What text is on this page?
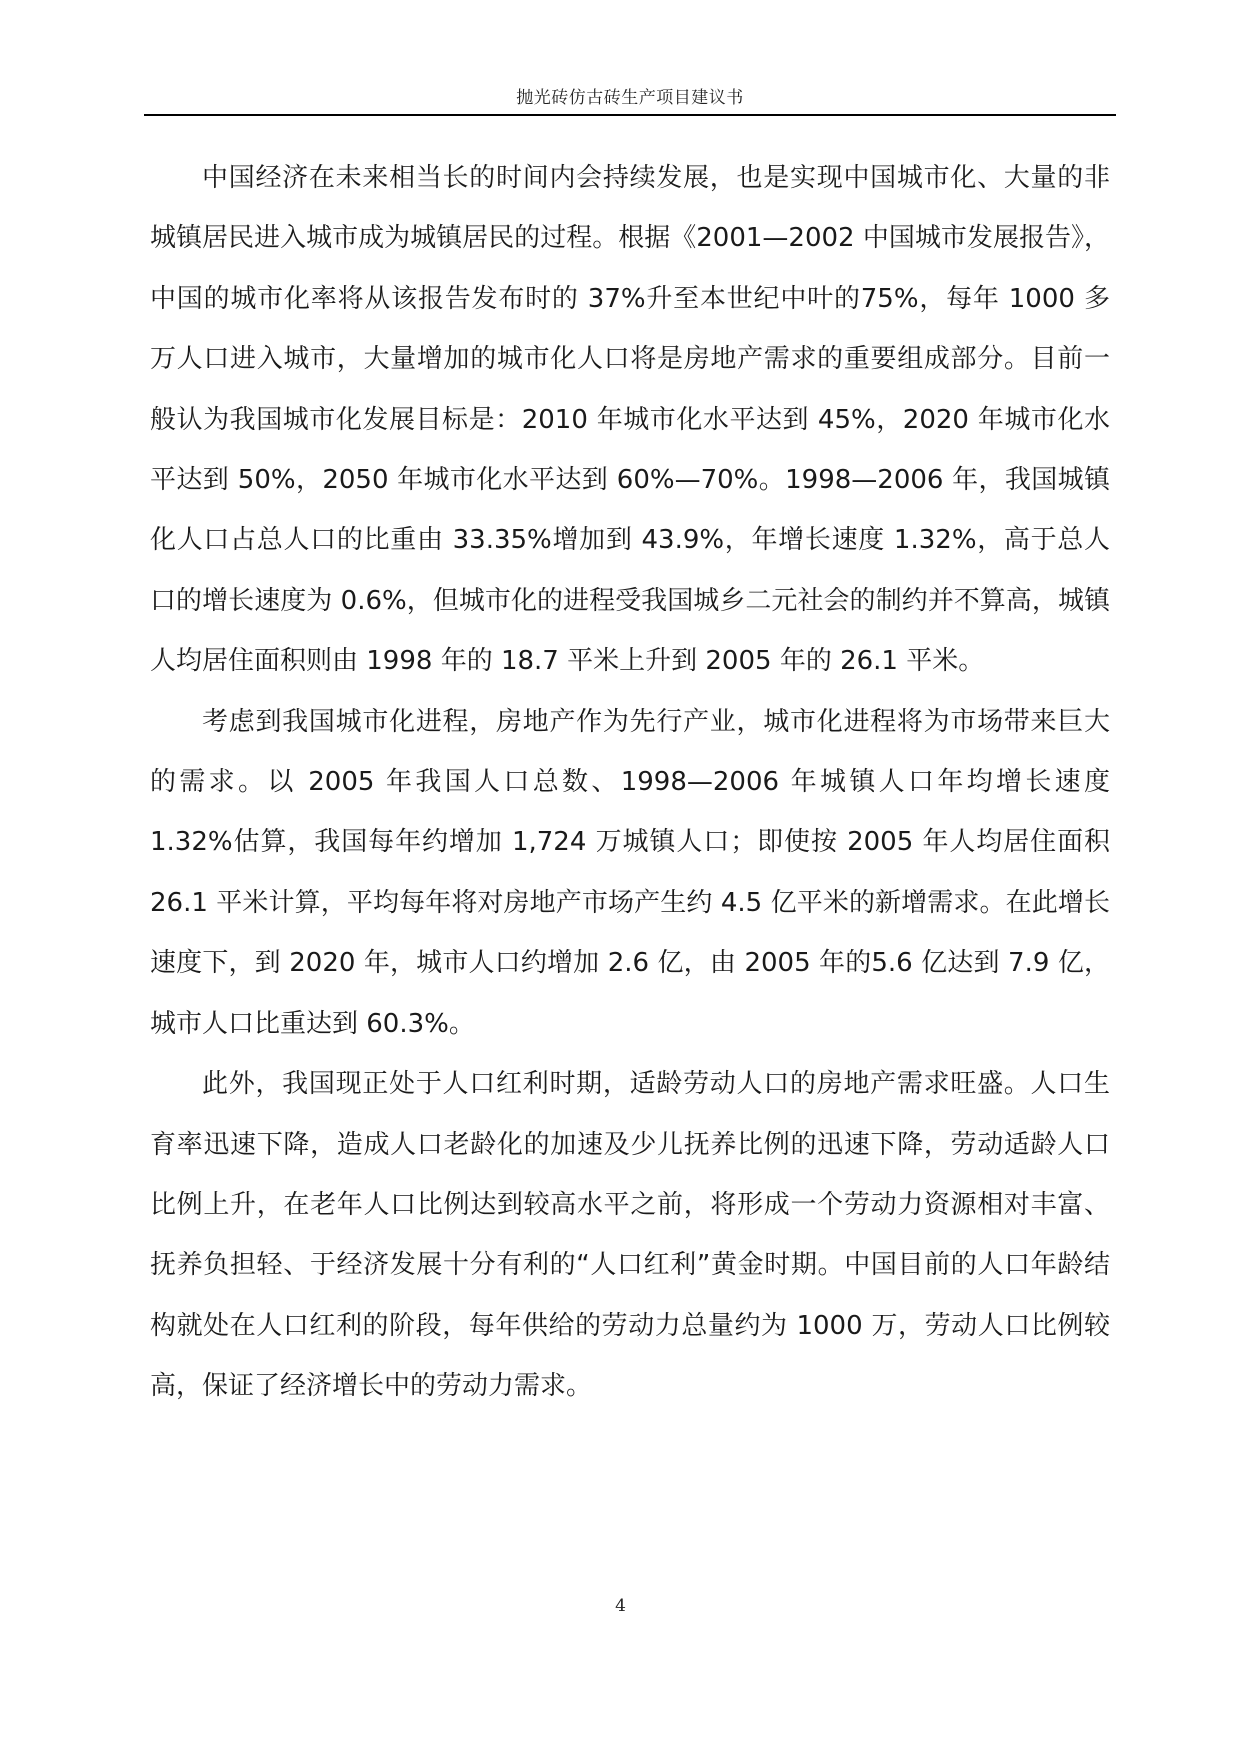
抛光砖仿古砖生产项目建议书

中国经济在未来相当长的时间内会持续发展，也是实现中国城市化、大量的非城镇居民进入城市成为城镇居民的过程。根据《2001—2002 中国城市发展报告》，中国的城市化率将从该报告发布时的 37%升至本世纪中叶的75%，每年 1000 多万人口进入城市，大量增加的城市化人口将是房地产需求的重要组成部分。目前一般认为我国城市化发展目标是：2010 年城市化水平达到 45%，2020 年城市化水平达到 50%，2050 年城市化水平达到 60%—70%。1998—2006 年，我国城镇化人口占总人口的比重由 33.35%增加到 43.9%，年增长速度 1.32%，高于总人口的增长速度为 0.6%，但城市化的进程受我国城乡二元社会的制约并不算高，城镇人均居住面积则由 1998 年的 18.7 平米上升到 2005 年的 26.1 平米。

考虑到我国城市化进程，房地产作为先行产业，城市化进程将为市场带来巨大的需求。以 2005 年我国人口总数、1998—2006 年城镇人口年均增长速度 1.32%估算，我国每年约增加 1,724 万城镇人口；即使按 2005 年人均居住面积 26.1 平米计算，平均每年将对房地产市场产生约 4.5 亿平米的新增需求。在此增长速度下，到 2020 年，城市人口约增加 2.6 亿，由 2005 年的5.6 亿达到 7.9 亿，城市人口比重达到 60.3%。

此外，我国现正处于人口红利时期，适龄劳动人口的房地产需求旺盛。人口生育率迅速下降，造成人口老龄化的加速及少儿抚养比例的迅速下降，劳动适龄人口比例上升，在老年人口比例达到较高水平之前，将形成一个劳动力资源相对丰富、抚养负担轻、于经济发展十分有利的“人口红利”黄金时期。中国目前的人口年龄结构就处在人口红利的阶段，每年供给的劳动力总量约为 1000 万，劳动人口比例较高，保证了经济增长中的劳动力需求。

4
